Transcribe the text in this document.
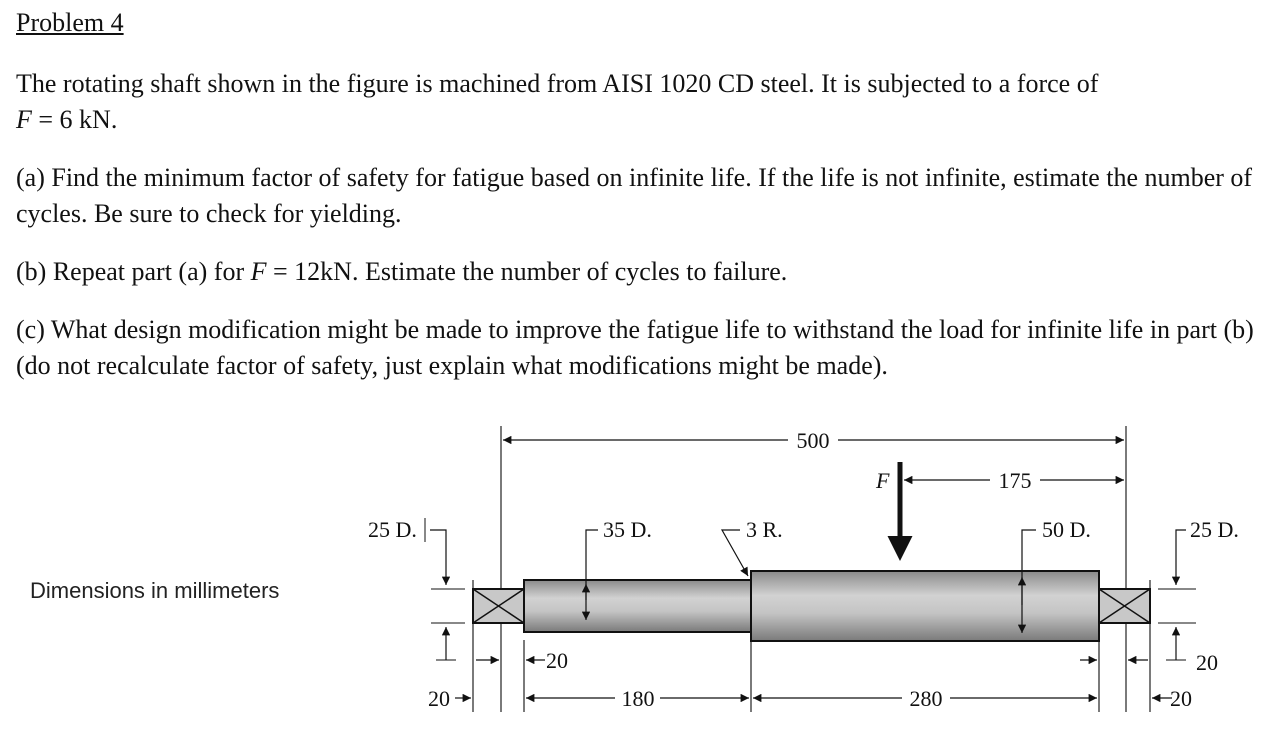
Problem 4
The rotating shaft shown in the figure is machined from AISI 1020 CD steel. It is subjected to a force of
F = 6 kN.
(a) Find the minimum factor of safety for fatigue based on infinite life. If the life is not infinite, estimate the number of cycles. Be sure to check for yielding.
(b) Repeat part (a) for F = 12kN. Estimate the number of cycles to failure.
(c) What design modification might be made to improve the fatigue life to withstand the load for infinite life in part (b) (do not recalculate factor of safety, just explain what modifications might be made).
Dimensions in millimeters
500
F	175
25 D.	35 D.	3 R.	50 D.	25 D.
20
20	180	280
20
20
